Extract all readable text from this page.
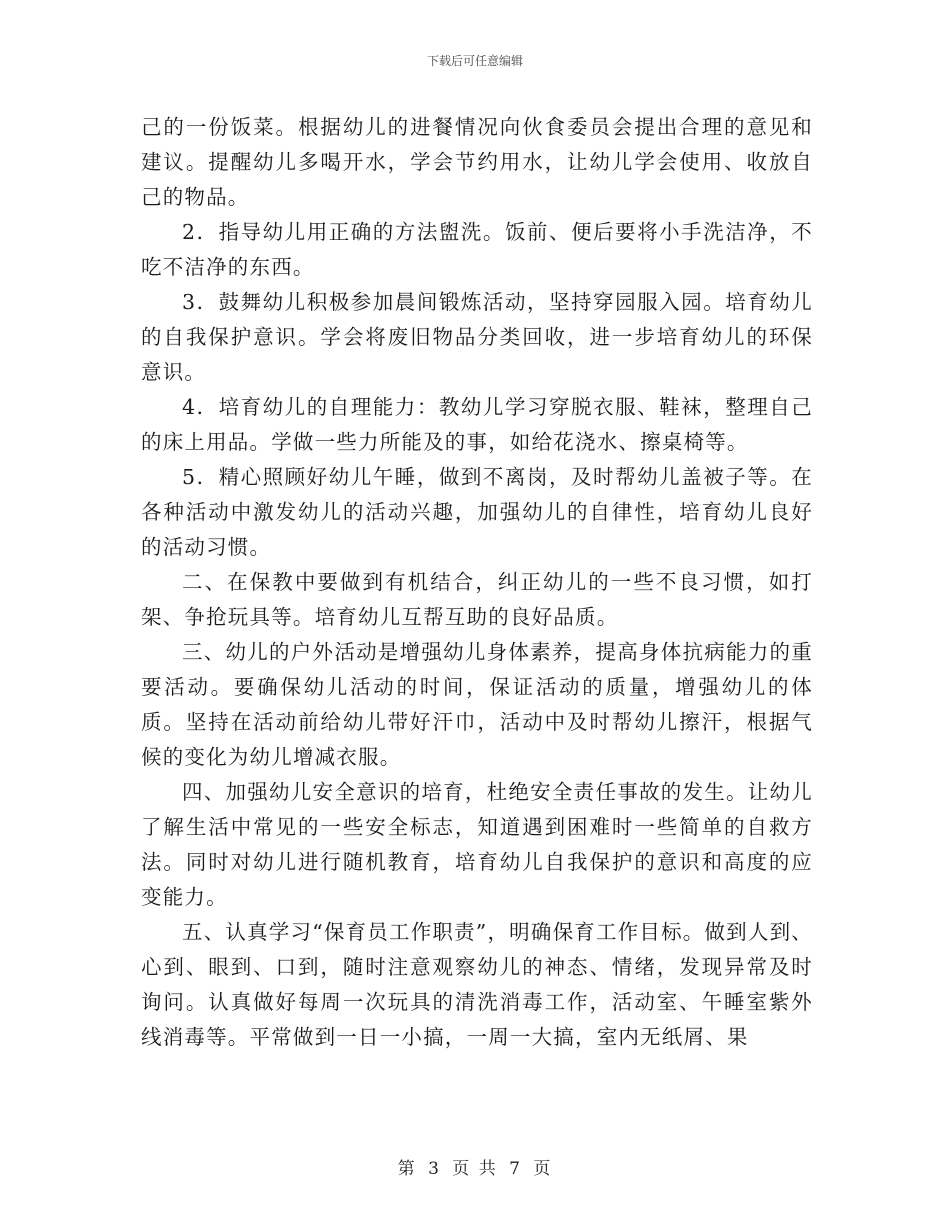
下载后可任意编辑

己的一份饭菜。根据幼儿的进餐情况向伙食委员会提出合理的意见和建议。提醒幼儿多喝开水，学会节约用水，让幼儿学会使用、收放自己的物品。

2．指导幼儿用正确的方法盥洗。饭前、便后要将小手洗洁净，不吃不洁净的东西。

3．鼓舞幼儿积极参加晨间锻炼活动，坚持穿园服入园。培育幼儿的自我保护意识。学会将废旧物品分类回收，进一步培育幼儿的环保意识。

4．培育幼儿的自理能力：教幼儿学习穿脱衣服、鞋袜，整理自己的床上用品。学做一些力所能及的事，如给花浇水、擦桌椅等。

5．精心照顾好幼儿午睡，做到不离岗，及时帮幼儿盖被子等。在各种活动中激发幼儿的活动兴趣，加强幼儿的自律性，培育幼儿良好的活动习惯。

二、在保教中要做到有机结合，纠正幼儿的一些不良习惯，如打架、争抢玩具等。培育幼儿互帮互助的良好品质。

三、幼儿的户外活动是增强幼儿身体素养，提高身体抗病能力的重要活动。要确保幼儿活动的时间，保证活动的质量，增强幼儿的体质。坚持在活动前给幼儿带好汗巾，活动中及时帮幼儿擦汗，根据气候的变化为幼儿增减衣服。

四、加强幼儿安全意识的培育，杜绝安全责任事故的发生。让幼儿了解生活中常见的一些安全标志，知道遇到困难时一些简单的自救方法。同时对幼儿进行随机教育，培育幼儿自我保护的意识和高度的应变能力。

五、认真学习“保育员工作职责”，明确保育工作目标。做到人到、心到、眼到、口到，随时注意观察幼儿的神态、情绪，发现异常及时询问。认真做好每周一次玩具的清洗消毒工作，活动室、午睡室紫外线消毒等。平常做到一日一小搞，一周一大搞，室内无纸屑、果

第 3 页 共 7 页
